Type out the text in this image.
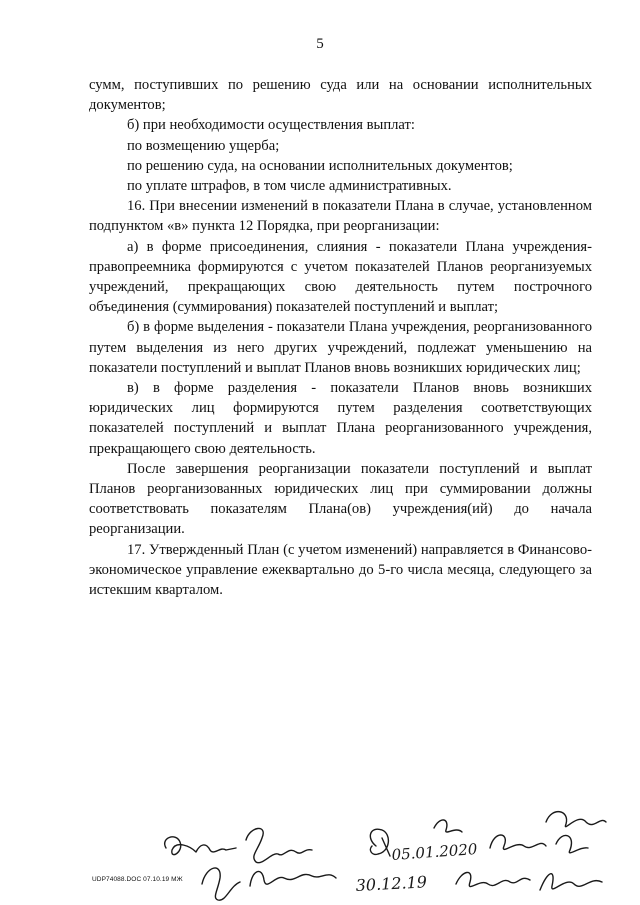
5

сумм, поступивших по решению суда или на основании исполнительных документов;

б) при необходимости осуществления выплат:

по возмещению ущерба;

по решению суда, на основании исполнительных документов;

по уплате штрафов, в том числе административных.

16. При внесении изменений в показатели Плана в случае, установленном подпунктом «в» пункта 12 Порядка, при реорганизации:

а) в форме присоединения, слияния - показатели Плана учреждения-правопреемника формируются с учетом показателей Планов реорганизуемых учреждений, прекращающих свою деятельность путем построчного объединения (суммирования) показателей поступлений и выплат;

б) в форме выделения - показатели Плана учреждения, реорганизованного путем выделения из него других учреждений, подлежат уменьшению на показатели поступлений и выплат Планов вновь возникших юридических лиц;

в) в форме разделения - показатели Планов вновь возникших юридических лиц формируются путем разделения соответствующих показателей поступлений и выплат Плана реорганизованного учреждения, прекращающего свою деятельность.

После завершения реорганизации показатели поступлений и выплат Планов реорганизованных юридических лиц при суммировании должны соответствовать показателям Плана(ов) учреждения(ий) до начала реорганизации.

17. Утвержденный План (с учетом изменений) направляется в Финансово-экономическое управление ежеквартально до 5-го числа месяца, следующего за истекшим кварталом.

05.01.2020
30.12.19
UDP74088.DOC 07.10.19 МЖ
